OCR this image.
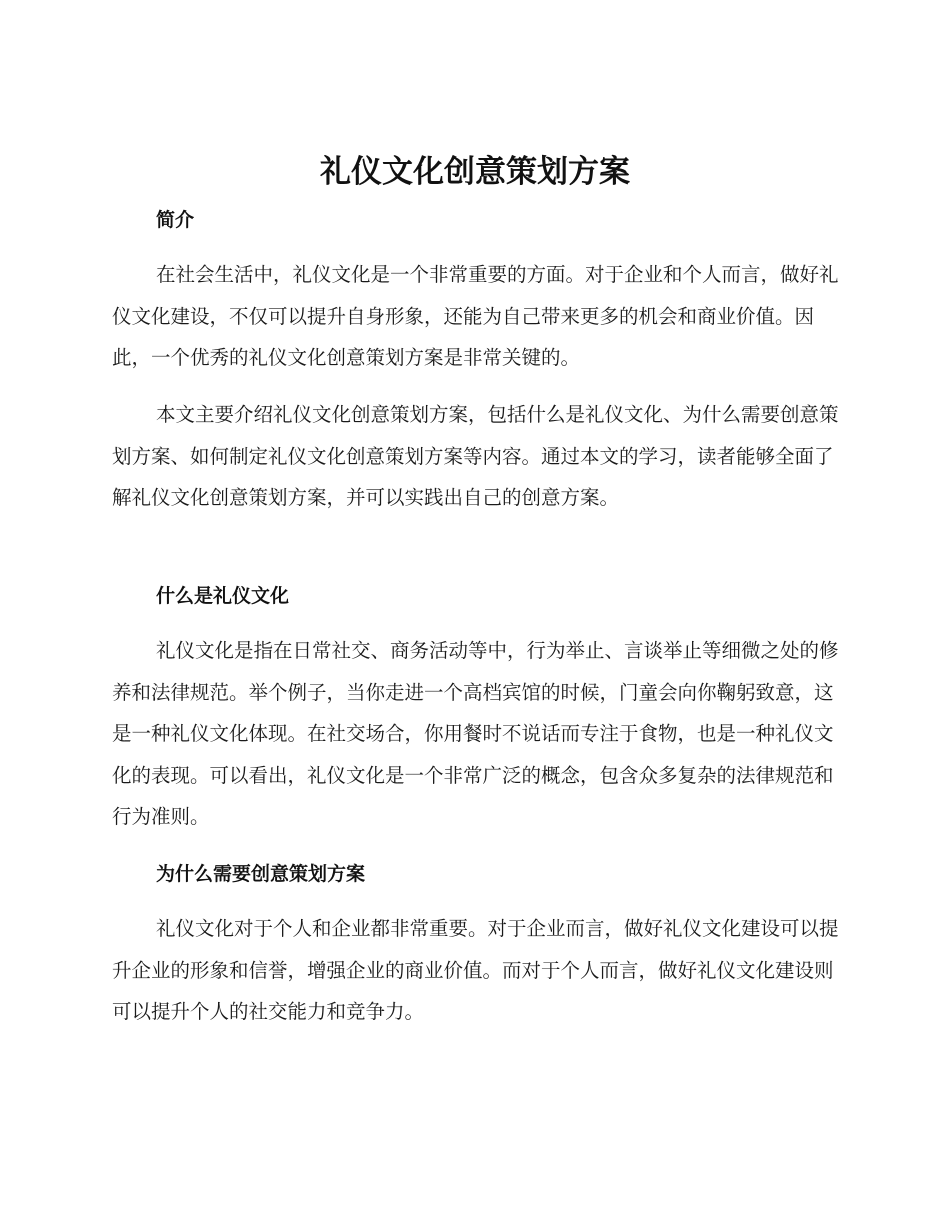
礼仪文化创意策划方案
简介

在社会生活中，礼仪文化是一个非常重要的方面。对于企业和个人而言，做好礼仪文化建设，不仅可以提升自身形象，还能为自己带来更多的机会和商业价值。因此，一个优秀的礼仪文化创意策划方案是非常关键的。

本文主要介绍礼仪文化创意策划方案，包括什么是礼仪文化、为什么需要创意策划方案、如何制定礼仪文化创意策划方案等内容。通过本文的学习，读者能够全面了解礼仪文化创意策划方案，并可以实践出自己的创意方案。

什么是礼仪文化

礼仪文化是指在日常社交、商务活动等中，行为举止、言谈举止等细微之处的修养和法律规范。举个例子，当你走进一个高档宾馆的时候，门童会向你鞠躬致意，这是一种礼仪文化体现。在社交场合，你用餐时不说话而专注于食物，也是一种礼仪文化的表现。可以看出，礼仪文化是一个非常广泛的概念，包含众多复杂的法律规范和行为准则。

为什么需要创意策划方案

礼仪文化对于个人和企业都非常重要。对于企业而言，做好礼仪文化建设可以提升企业的形象和信誉，增强企业的商业价值。而对于个人而言，做好礼仪文化建设则可以提升个人的社交能力和竞争力。
